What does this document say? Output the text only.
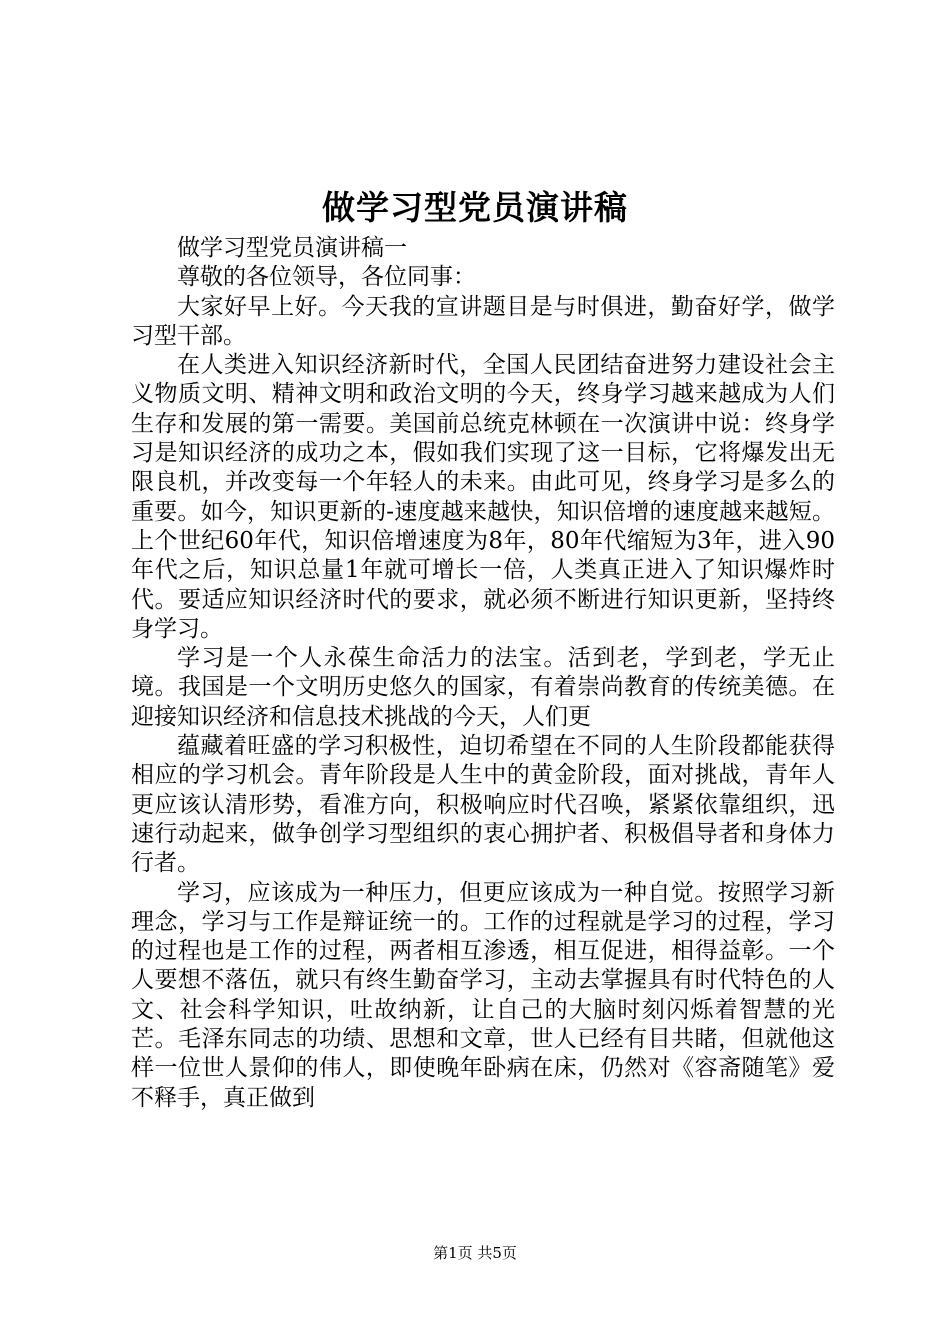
做学习型党员演讲稿

做学习型党员演讲稿一

尊敬的各位领导，各位同事：

大家好早上好。今天我的宣讲题目是与时俱进，勤奋好学，做学习型干部。

在人类进入知识经济新时代，全国人民团结奋进努力建设社会主义物质文明、精神文明和政治文明的今天，终身学习越来越成为人们生存和发展的第一需要。美国前总统克林顿在一次演讲中说：终身学习是知识经济的成功之本，假如我们实现了这一目标，它将爆发出无限良机，并改变每一个年轻人的未来。由此可见，终身学习是多么的重要。如今，知识更新的-速度越来越快，知识倍增的速度越来越短。上个世纪60年代，知识倍增速度为8年，80年代缩短为3年，进入90年代之后，知识总量1年就可增长一倍，人类真正进入了知识爆炸时代。要适应知识经济时代的要求，就必须不断进行知识更新，坚持终身学习。

学习是一个人永葆生命活力的法宝。活到老，学到老，学无止境。我国是一个文明历史悠久的国家，有着崇尚教育的传统美德。在迎接知识经济和信息技术挑战的今天，人们更

蕴藏着旺盛的学习积极性，迫切希望在不同的人生阶段都能获得相应的学习机会。青年阶段是人生中的黄金阶段，面对挑战，青年人更应该认清形势，看准方向，积极响应时代召唤，紧紧依靠组织，迅速行动起来，做争创学习型组织的衷心拥护者、积极倡导者和身体力行者。

学习，应该成为一种压力，但更应该成为一种自觉。按照学习新理念，学习与工作是辩证统一的。工作的过程就是学习的过程，学习的过程也是工作的过程，两者相互渗透，相互促进，相得益彰。一个人要想不落伍，就只有终生勤奋学习，主动去掌握具有时代特色的人文、社会科学知识，吐故纳新，让自己的大脑时刻闪烁着智慧的光芒。毛泽东同志的功绩、思想和文章，世人已经有目共睹，但就他这样一位世人景仰的伟人，即使晚年卧病在床，仍然对《容斋随笔》爱不释手，真正做到

第1页 共5页
